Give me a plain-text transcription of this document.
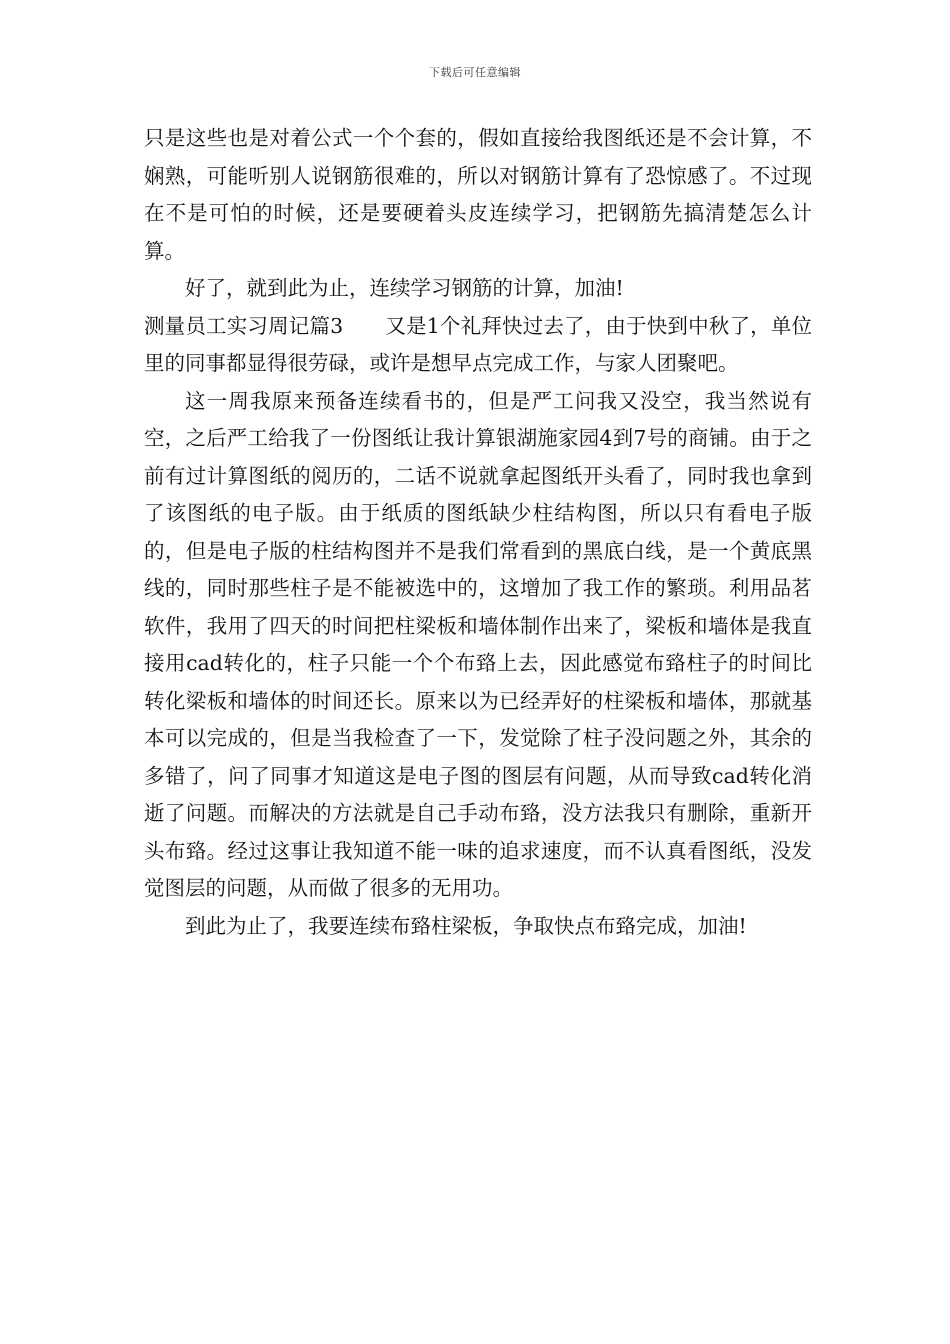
下载后可任意编辑

只是这些也是对着公式一个个套的，假如直接给我图纸还是不会计算，不娴熟，可能听别人说钢筋很难的，所以对钢筋计算有了恐惊感了。不过现在不是可怕的时候，还是要硬着头皮连续学习，把钢筋先搞清楚怎么计算。

好了，就到此为止，连续学习钢筋的计算，加油!

测量员工实习周记篇3 又是1个礼拜快过去了，由于快到中秋了，单位里的同事都显得很劳碌，或许是想早点完成工作，与家人团聚吧。

这一周我原来预备连续看书的，但是严工问我又没空，我当然说有空，之后严工给我了一份图纸让我计算银湖施家园4到7号的商铺。由于之前有过计算图纸的阅历的，二话不说就拿起图纸开头看了，同时我也拿到了该图纸的电子版。由于纸质的图纸缺少柱结构图，所以只有看电子版的，但是电子版的柱结构图并不是我们常看到的黑底白线，是一个黄底黑线的，同时那些柱子是不能被选中的，这增加了我工作的繁琐。利用品茗软件，我用了四天的时间把柱梁板和墙体制作出来了，梁板和墙体是我直接用cad转化的，柱子只能一个个布臵上去，因此感觉布臵柱子的时间比转化梁板和墙体的时间还长。原来以为已经弄好的柱梁板和墙体，那就基本可以完成的，但是当我检查了一下，发觉除了柱子没问题之外，其余的多错了，问了同事才知道这是电子图的图层有问题，从而导致cad转化消逝了问题。而解决的方法就是自己手动布臵，没方法我只有删除，重新开头布臵。经过这事让我知道不能一味的追求速度，而不认真看图纸，没发觉图层的问题，从而做了很多的无用功。

到此为止了，我要连续布臵柱梁板，争取快点布臵完成，加油!
